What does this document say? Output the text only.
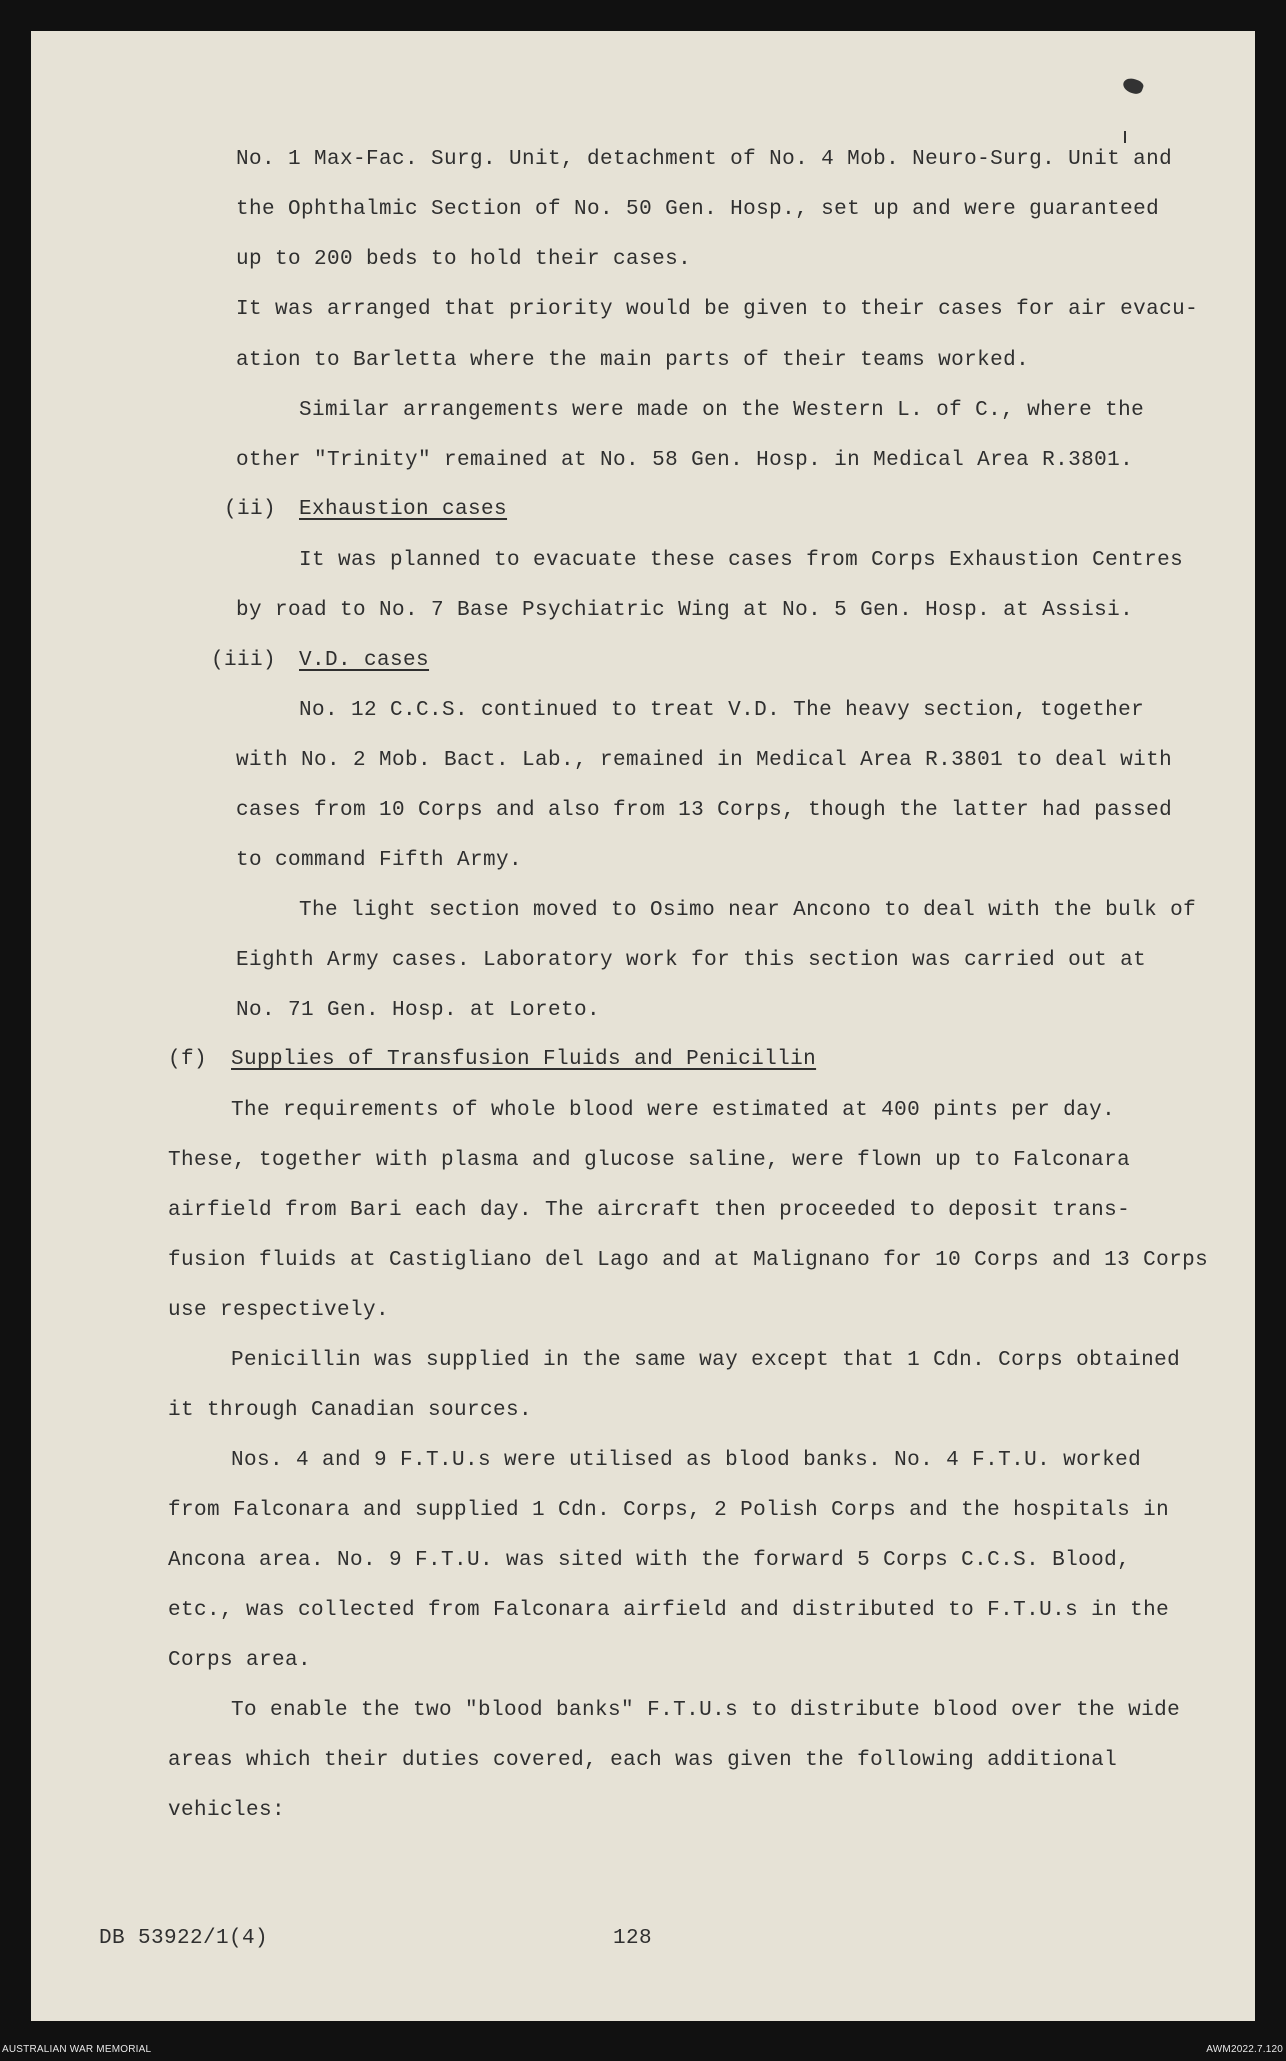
No. 1 Max-Fac. Surg. Unit, detachment of No. 4 Mob. Neuro-Surg. Unit and
the Ophthalmic Section of No. 50 Gen. Hosp., set up and were guaranteed
up to 200 beds to hold their cases.
It was arranged that priority would be given to their cases for air evacu-
ation to Barletta where the main parts of their teams worked.
Similar arrangements were made on the Western L. of C., where the
other "Trinity" remained at No. 58 Gen. Hosp. in Medical Area R.3801.
(ii) Exhaustion cases
It was planned to evacuate these cases from Corps Exhaustion Centres
by road to No. 7 Base Psychiatric Wing at No. 5 Gen. Hosp. at Assisi.
(iii) V.D. cases
No. 12 C.C.S. continued to treat V.D. The heavy section, together
with No. 2 Mob. Bact. Lab., remained in Medical Area R.3801 to deal with
cases from 10 Corps and also from 13 Corps, though the latter had passed
to command Fifth Army.
The light section moved to Osimo near Ancono to deal with the bulk of
Eighth Army cases. Laboratory work for this section was carried out at
No. 71 Gen. Hosp. at Loreto.
(f) Supplies of Transfusion Fluids and Penicillin
The requirements of whole blood were estimated at 400 pints per day.
These, together with plasma and glucose saline, were flown up to Falconara
airfield from Bari each day. The aircraft then proceeded to deposit trans-
fusion fluids at Castigliano del Lago and at Malignano for 10 Corps and 13 Corps
use respectively.
Penicillin was supplied in the same way except that 1 Cdn. Corps obtained
it through Canadian sources.
Nos. 4 and 9 F.T.U.s were utilised as blood banks. No. 4 F.T.U. worked
from Falconara and supplied 1 Cdn. Corps, 2 Polish Corps and the hospitals in
Ancona area. No. 9 F.T.U. was sited with the forward 5 Corps C.C.S. Blood,
etc., was collected from Falconara airfield and distributed to F.T.U.s in the
Corps area.
To enable the two "blood banks" F.T.U.s to distribute blood over the wide
areas which their duties covered, each was given the following additional
vehicles:
DB 53922/1(4)	128
AUSTRALIAN WAR MEMORIAL	AWM2022.7.120
